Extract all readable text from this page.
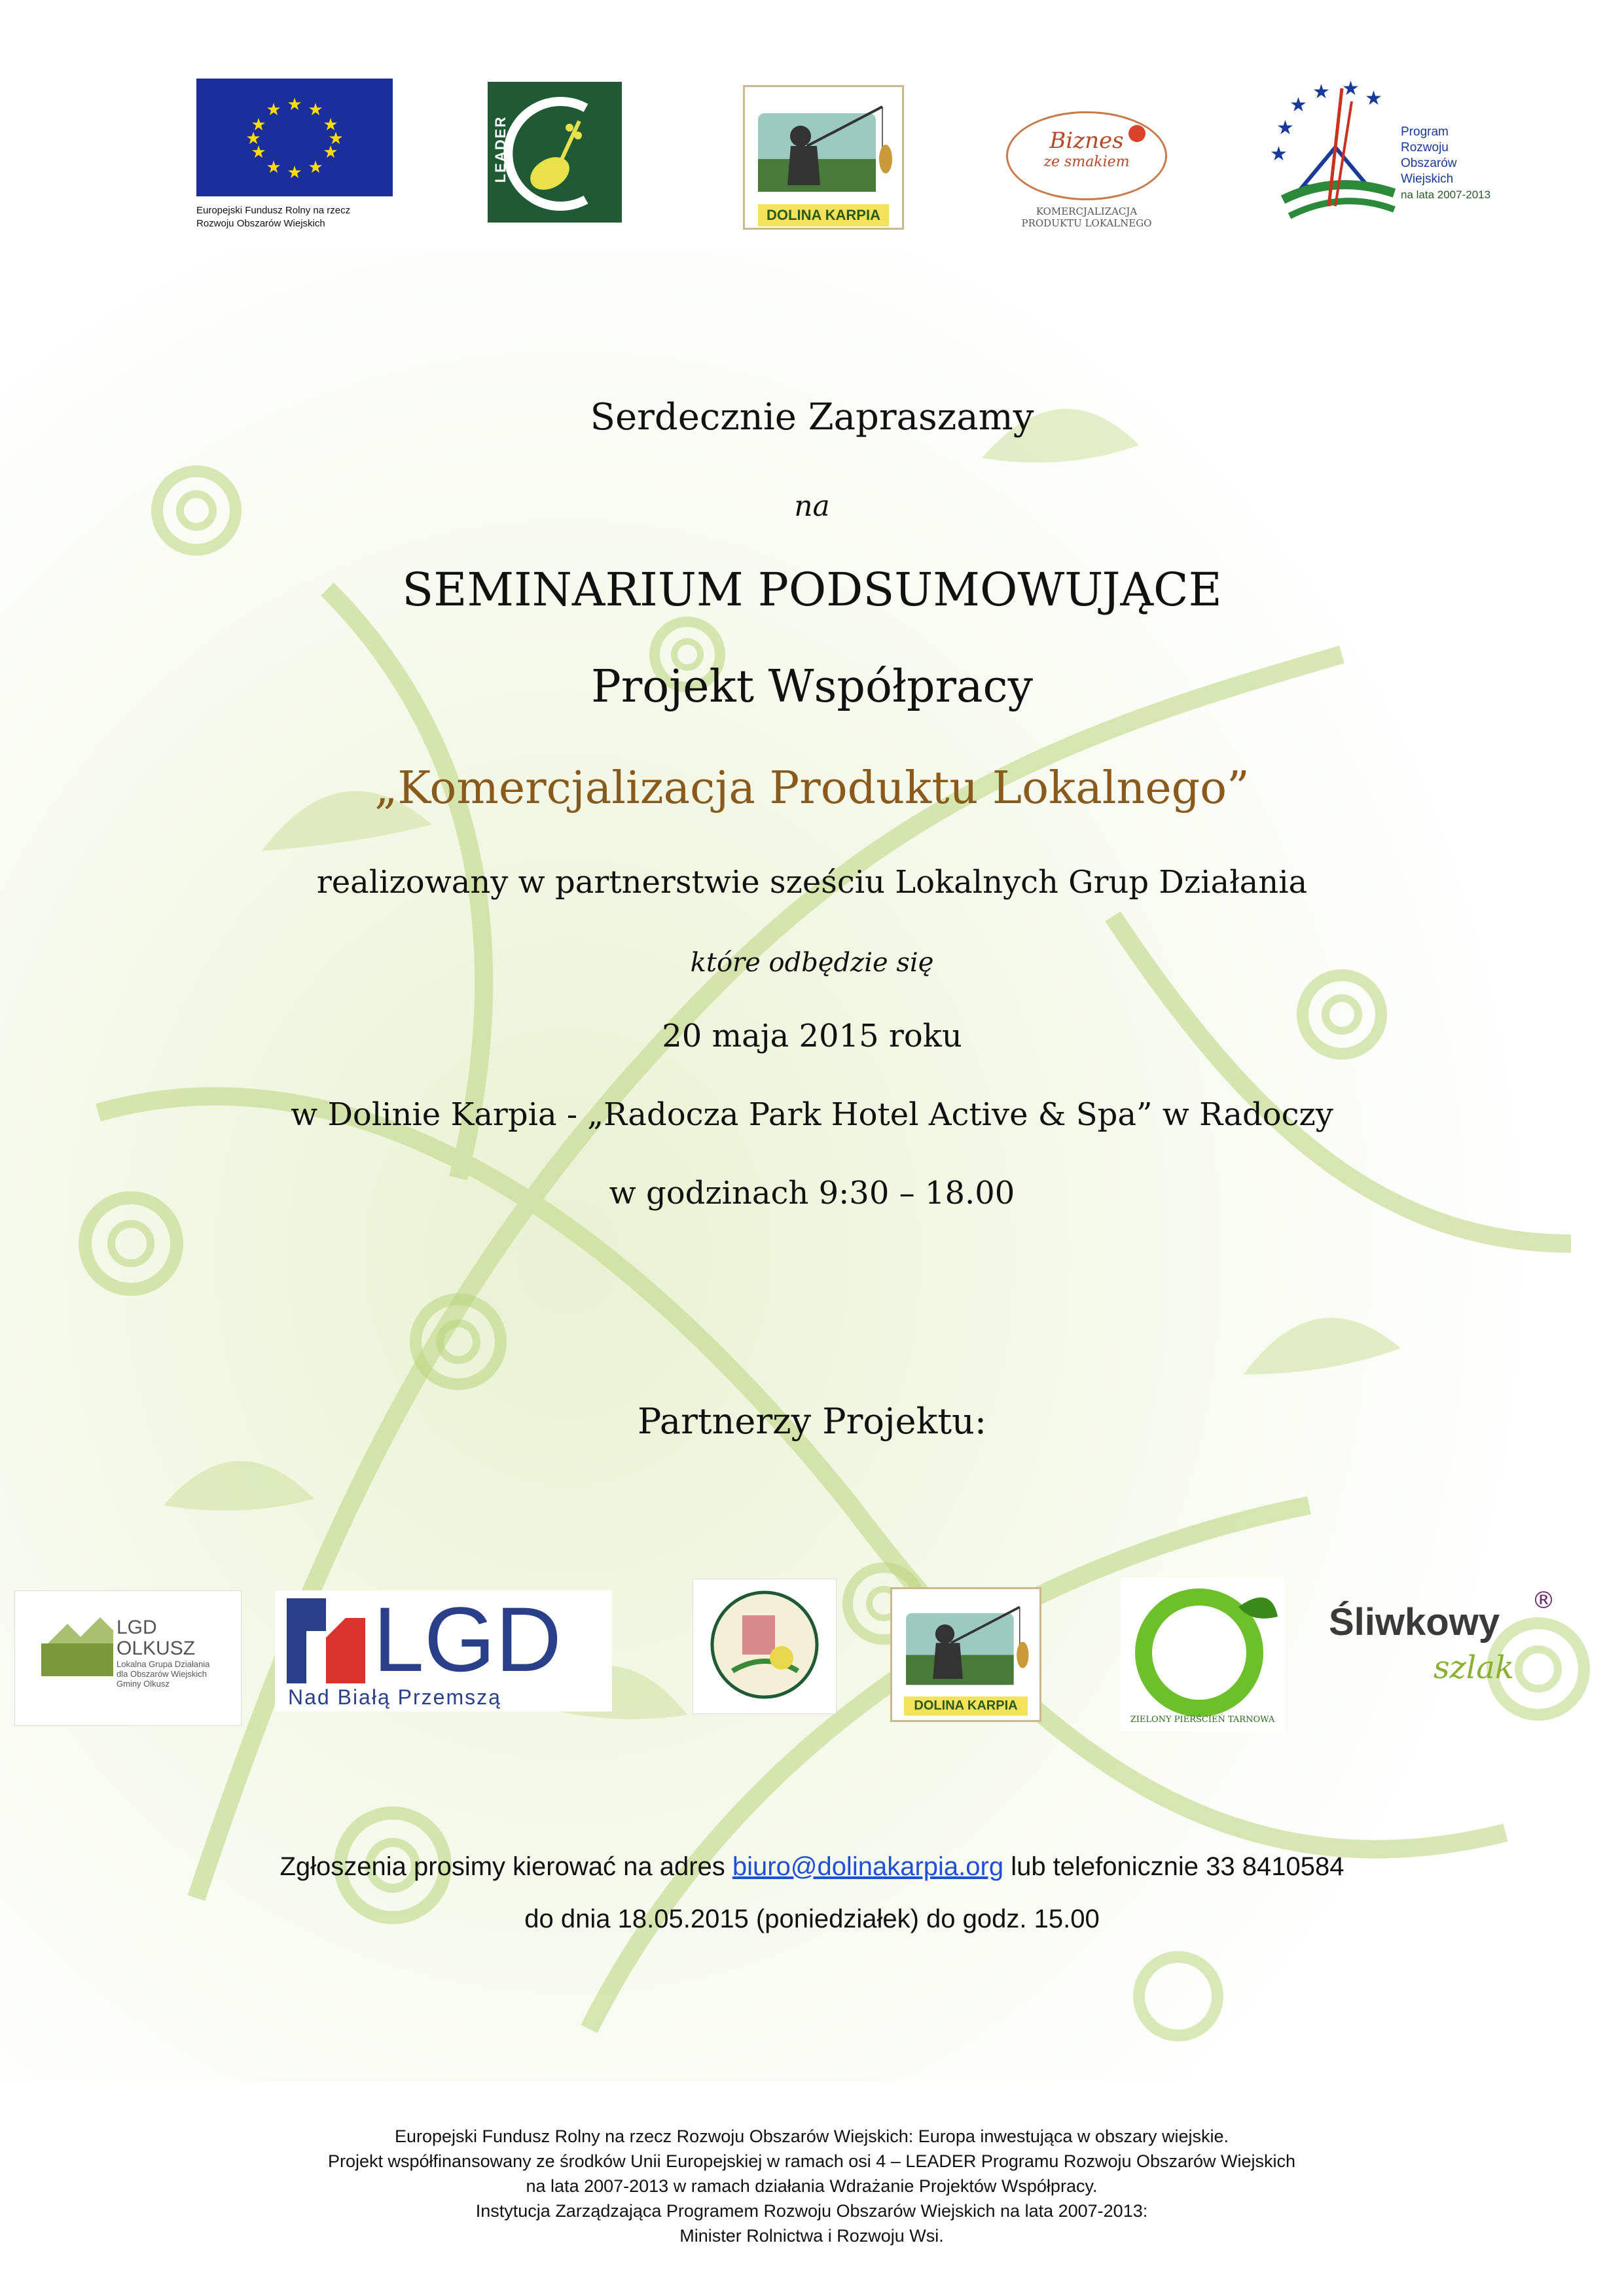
★ ★
★
★
★
★
★
★
★
★
★
★
Europejski Fundusz Rolny na rzecz
Rozwoju Obszarów Wiejskich
LEADER
DOLINA KARPIA
Biznes
ze smakiem
KOMERCJALIZACJA
PRODUKTU LOKALNEGO
★
★
★ ★ ★
★
Program
Rozwoju
Obszarów
Wiejskich
na lata 2007-2013
Serdecznie Zapraszamy
na
SEMINARIUM PODSUMOWUJĄCE
Projekt Współpracy
„Komercjalizacja Produktu Lokalnego”
realizowany w partnerstwie sześciu Lokalnych Grup Działania
które odbędzie się
20 maja 2015 roku
w Dolinie Karpia - „Radocza Park Hotel Active & Spa” w Radoczy
w godzinach 9:30 – 18.00
Partnerzy Projektu:
LGD
OLKUSZ
Lokalna Grupa Działania
dla Obszarów Wiejskich
Gminy Olkusz	LGD
Nad Białą Przemszą	DOLINA KARPIA
ZIELONY PIERŚCIEŃ TARNOWA
Śliwkowy
®
szlak
Zgłoszenia prosimy kierować na adres biuro@dolinakarpia.org lub telefonicznie 33 8410584
do dnia 18.05.2015 (poniedziałek) do godz. 15.00
Europejski Fundusz Rolny na rzecz Rozwoju Obszarów Wiejskich: Europa inwestująca w obszary wiejskie.
Projekt współfinansowany ze środków Unii Europejskiej w ramach osi 4 – LEADER Programu Rozwoju Obszarów Wiejskich
na lata 2007-2013 w ramach działania Wdrażanie Projektów Współpracy.
Instytucja Zarządzająca Programem Rozwoju Obszarów Wiejskich na lata 2007-2013:
Minister Rolnictwa i Rozwoju Wsi.
